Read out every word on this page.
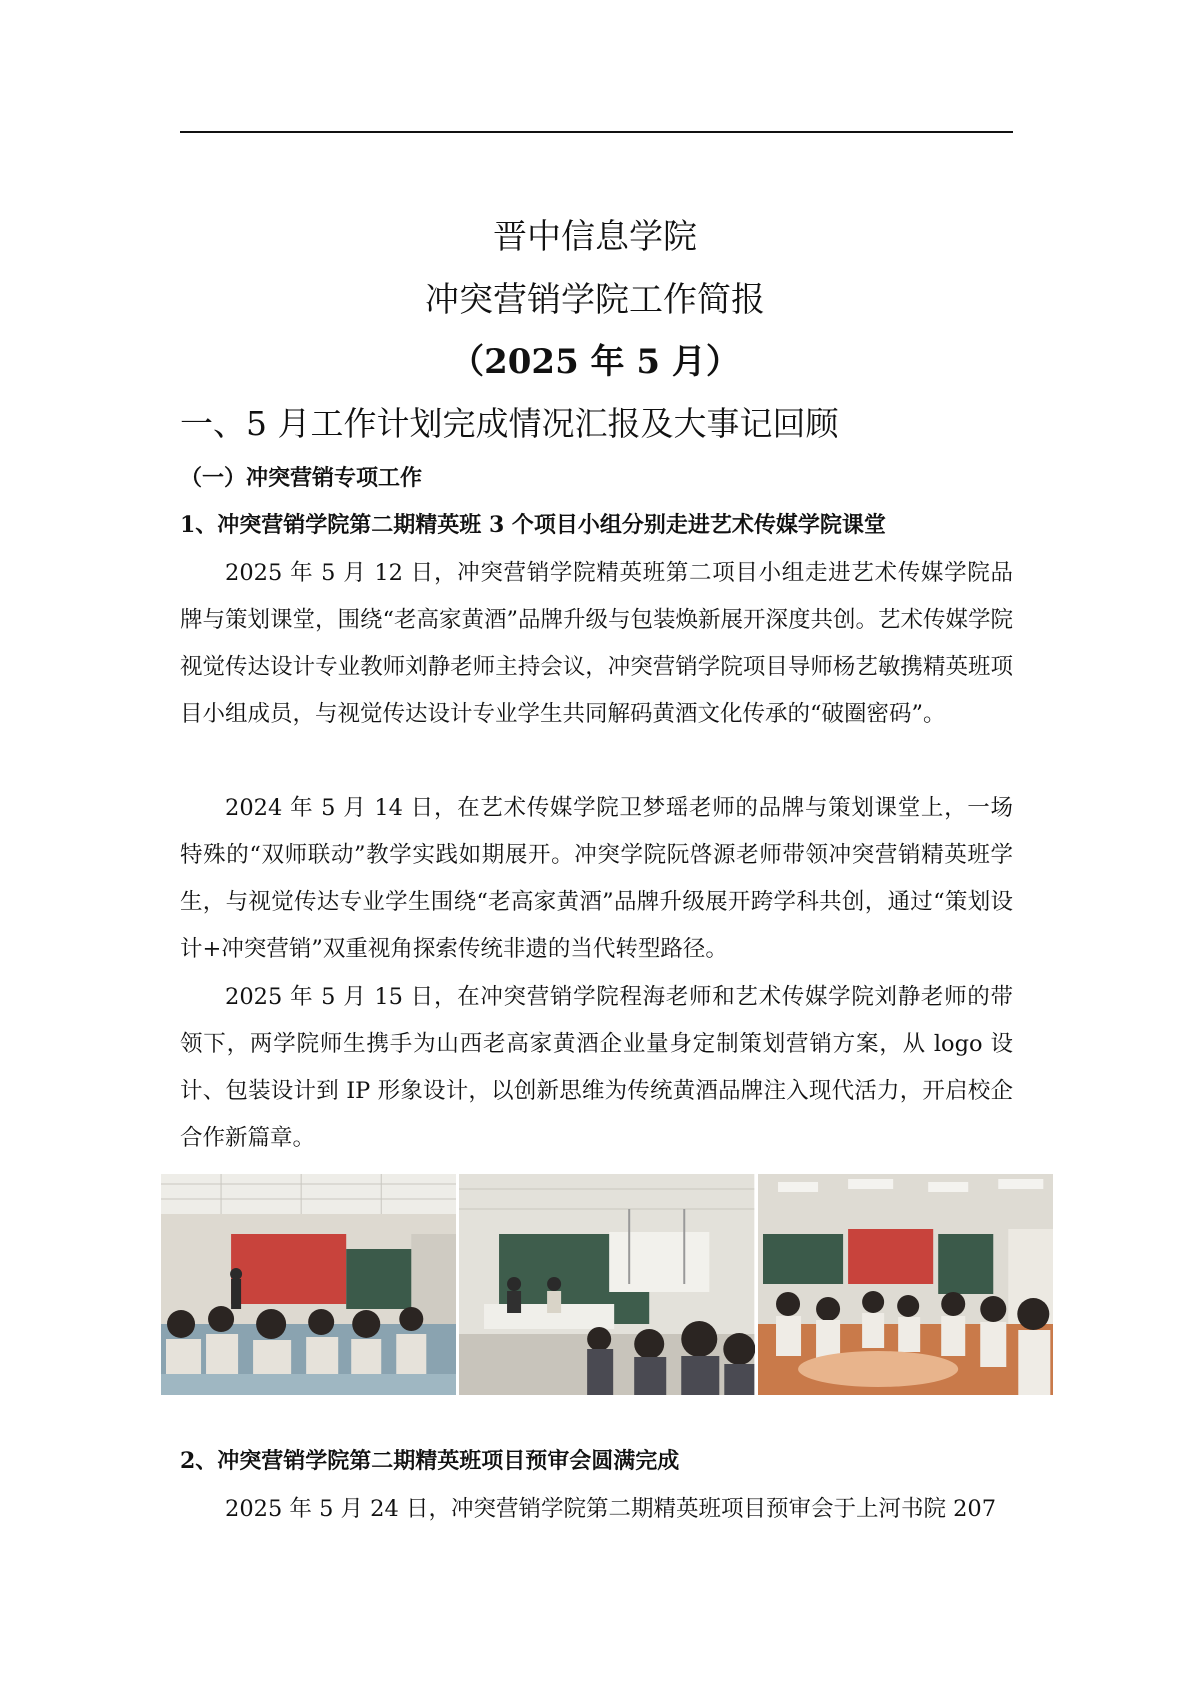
晋中信息学院
冲突营销学院工作简报
（2025 年 5 月）
一、5 月工作计划完成情况汇报及大事记回顾
（一）冲突营销专项工作
1、冲突营销学院第二期精英班 3 个项目小组分别走进艺术传媒学院课堂
2025 年 5 月 12 日，冲突营销学院精英班第二项目小组走进艺术传媒学院品牌与策划课堂，围绕“老高家黄酒”品牌升级与包装焕新展开深度共创。艺术传媒学院视觉传达设计专业教师刘静老师主持会议，冲突营销学院项目导师杨艺敏携精英班项目小组成员，与视觉传达设计专业学生共同解码黄酒文化传承的“破圈密码”。
2024 年 5 月 14 日，在艺术传媒学院卫梦瑶老师的品牌与策划课堂上，一场特殊的“双师联动”教学实践如期展开。冲突学院阮啓源老师带领冲突营销精英班学生，与视觉传达专业学生围绕“老高家黄酒”品牌升级展开跨学科共创，通过“策划设计+冲突营销”双重视角探索传统非遗的当代转型路径。
2025 年 5 月 15 日，在冲突营销学院程海老师和艺术传媒学院刘静老师的带领下，两学院师生携手为山西老高家黄酒企业量身定制策划营销方案，从 logo 设计、包装设计到 IP 形象设计，以创新思维为传统黄酒品牌注入现代活力，开启校企合作新篇章。
2、冲突营销学院第二期精英班项目预审会圆满完成
2025 年 5 月 24 日，冲突营销学院第二期精英班项目预审会于上河书院 207
